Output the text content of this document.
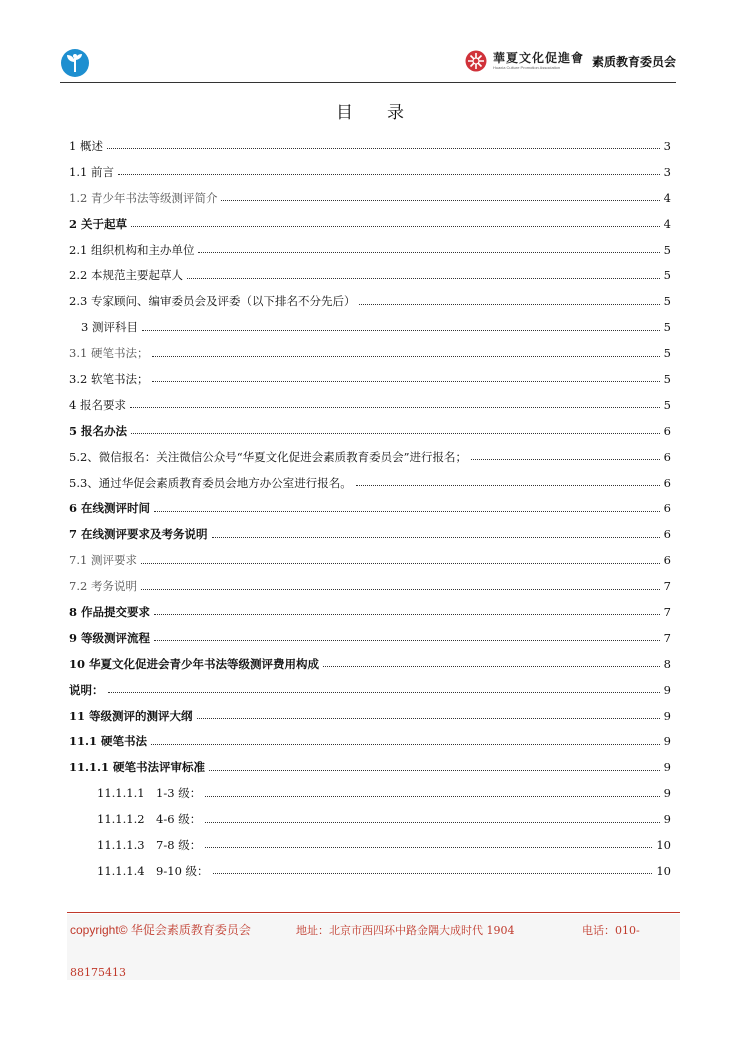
華夏文化促進會
Huaxia Culture Promotion Association	素质教育委员会
目录
1 概述	3
1.1 前言	3
1.2 青少年书法等级测评简介	4
2 关于起草	4
2.1 组织机构和主办单位	5
2.2 本规范主要起草人	5
2.3 专家顾问、编审委员会及评委（以下排名不分先后）	5
3 测评科目	5
3.1 硬笔书法；	5
3.2 软笔书法；	5
4 报名要求	5
5 报名办法	6
5.2、微信报名：关注微信公众号“华夏文化促进会素质教育委员会”进行报名；	6
5.3、通过华促会素质教育委员会地方办公室进行报名。	6
6 在线测评时间	6
7 在线测评要求及考务说明	6
7.1 测评要求	6
7.2 考务说明	7
8 作品提交要求	7
9 等级测评流程	7
10 华夏文化促进会青少年书法等级测评费用构成	8
说明：	9
11 等级测评的测评大纲	9
11.1 硬笔书法	9
11.1.1 硬笔书法评审标准	9
11.1.1.1　1-3 级：	9
11.1.1.2　4-6 级：	9
11.1.1.3　7-8 级：	10
11.1.1.4　9-10 级：	10
copyright© 华促会素质教育委员会	地址：北京市西四环中路金隅大成时代 1904	电话：010-
88175413
